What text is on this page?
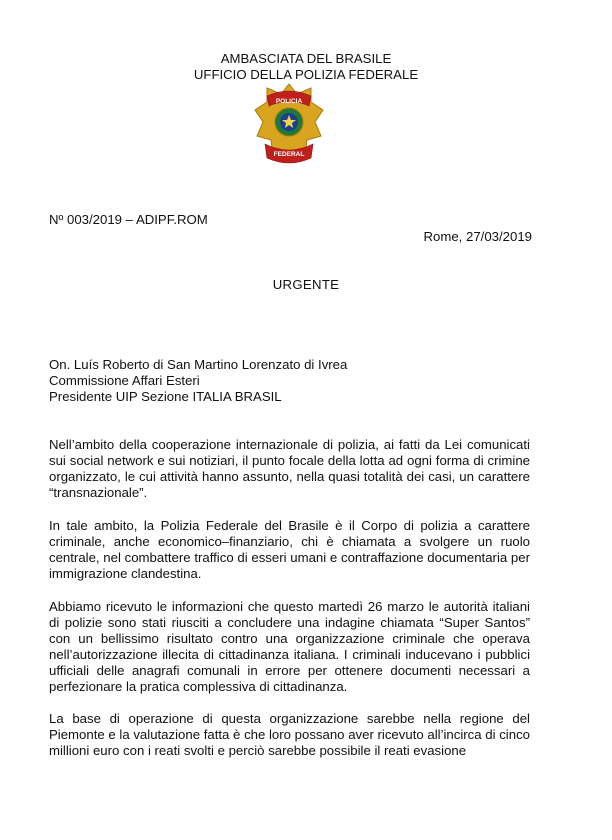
AMBASCIATA DEL BRASILE
UFFICIO DELLA POLIZIA FEDERALE
POLICIA
FEDERAL
Nº 003/2019 – ADIPF.ROM
Rome, 27/03/2019
URGENTE
On. Luís Roberto di San Martino Lorenzato di Ivrea
Commissione Affari Esteri
Presidente UIP Sezione ITALIA BRASIL
Nell’ambito della cooperazione internazionale di polizia, ai fatti da Lei comunicati sui social network e sui notiziari, il punto focale della lotta ad ogni forma di crimine organizzato, le cui attività hanno assunto, nella quasi totalità dei casi, un carattere “transnazionale”.
In tale ambito, la Polizia Federale del Brasile è il Corpo di polizia a carattere criminale, anche economico–finanziario, chi è chiamata a svolgere un ruolo centrale, nel combattere traffico di esseri umani e contraffazione documentaria per immigrazione clandestina.
Abbiamo ricevuto le informazioni che questo martedì 26 marzo le autorità italiani di polizie sono stati riusciti a concludere una indagine chiamata “Super Santos” con un bellissimo risultato contro una organizzazione criminale che operava nell’autorizzazione illecita di cittadinanza italiana. I criminali inducevano i pubblici ufficiali delle anagrafi comunali in errore per ottenere documenti necessari a perfezionare la pratica complessiva di cittadinanza.
La base di operazione di questa organizzazione sarebbe nella regione del Piemonte e la valutazione fatta è che loro possano aver ricevuto all’incirca di cinco millioni euro con i reati svolti e perciò sarebbe possibile il reati evasione
